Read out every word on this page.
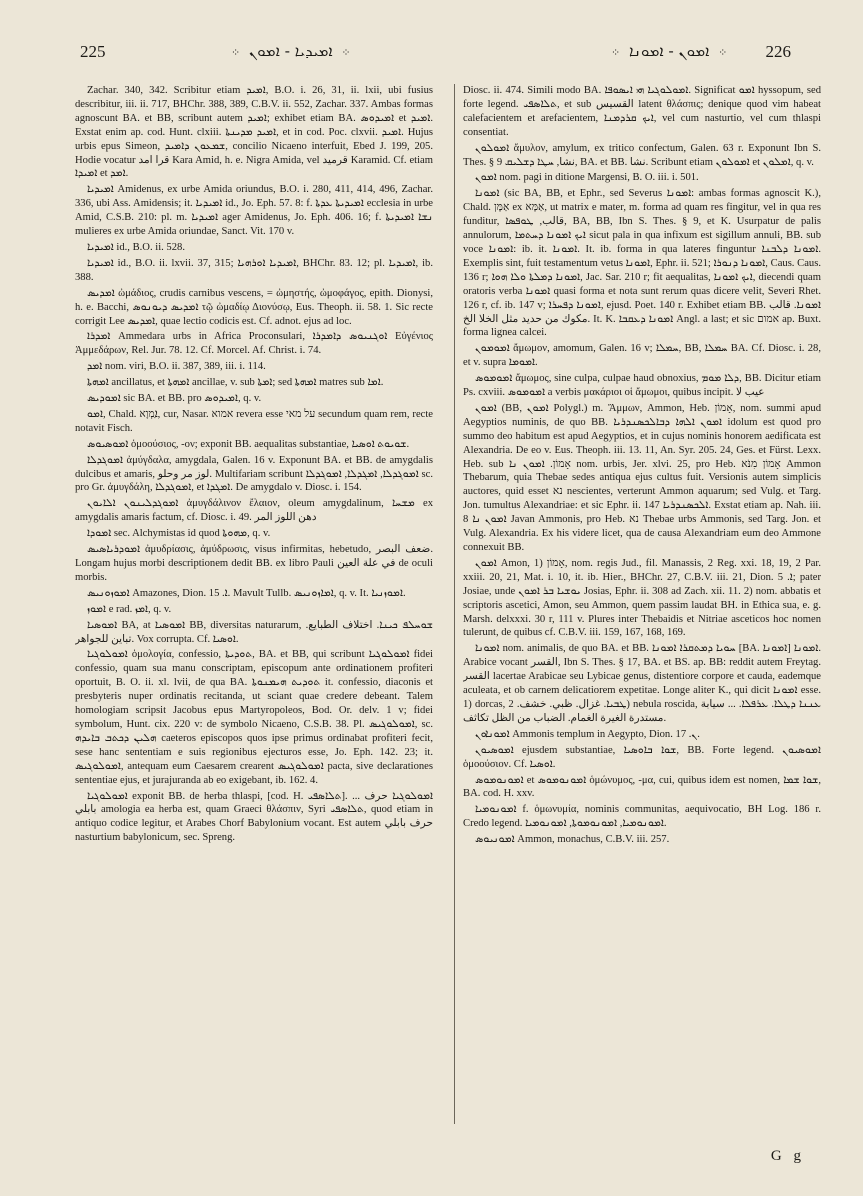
225	⁘ ܐܡܝܕܝܐ - ܐܡܘܢ ⁘	⁘ ܐܡܘܢ - ܐܡܘܢܐ ⁘ 226

Zachar. 340, 342. Scribitur etiam ܐܡܝܕ, B.O. i. 26, 31, ii. lxii, ubi fusius describitur, iii. ii. 717, BHChr. 388, 389, C.B.V. ii. 552, Zachar. 337. Ambas formas agnoscunt BA. et BB, scribunt autem ܐܡܝܕ; exhibet etiam BA. ܐܡܝܕܘܣ et ܐܡܝܕ. Exstat enim ap. cod. Hunt. clxiii. ܐܡܝܕ ܡܕܝܢܬܐ, et in cod. Poc. clxvii. ܐܡܝܕ. Hujus urbis epus Simeon, ܫܡܥܘܢ ܕܐܡܝܕ, concilio Nicaeno interfuit, Ebed J. 199, 205. Hodie vocatur قرا امد Kara Amid, h. e. Nigra Amida, vel قرميد Karamid. Cf. etiam ܐܡܝܕܐ et ܐܡܕ.

ܐܡܝܕܝܐ Amidenus, ex urbe Amida oriundus, B.O. i. 280, 411, 414, 496, Zachar. 336, ubi Ass. Amidensis; it. ܐܡܝܕܝܐ id., Jo. Eph. 57. 8: f. ܐܡܝܕܝܬܐ ܥܕܬܐ ecclesia in urbe Amid, C.S.B. 210: pl. m. ܐܡܝܕܝܐ ager Amidenus, Jo. Eph. 406. 16; f. ܢܫܐ ܐܡܝܕܝܬܐ mulieres ex urbe Amida oriundae, Sanct. Vit. 170 v.

ܐܡܝܕܝܐ id., B.O. ii. 528.

ܐܡܝܕܝܐ id., B.O. ii. lxvii. 37, 315; ܐܡܝܕܝܐ ܐܘܪܗܝܐ, BHChr. 83. 12; pl. ܐܡܝܕܝܐ, ib. 388.

ܐܡܕܝܣ ὠμάδιος, crudis carnibus vescens, = ὠμηστής, ὠμοφάγος, epith. Dionysi, h. e. Bacchi, ܐܡܕܝܣ ܕܝܘܢܘܣ τῷ ὠμαδίῳ Διονύσῳ, Eus. Theoph. ii. 58. 1. Sic recte corrigit Lee ܐܡܕܝܣ, quae lectio codicis est. Cf. adnot. ejus ad loc.

ܐܡܕܪܐ Ammedara urbs in Africa Proconsulari, ܐܘܓܢܝܘܣ ܕܐܡܕܪܐ Εὐγένιος Ἀμμεδάρων, Rel. Jur. 78. 12. Cf. Morcel. Af. Christ. i. 74.

ܐܡܕ nom. viri, B.O. ii. 387, 389, iii. i. 114.

ܐܡܗܬܐ ancillatus, et ܐܡܗܬܐ ancillae, v. sub ܐܡܬܐ; sed ܐܡܗܬܐ matres sub ܐܡܐ.

ܐܡܘܕܝܣ sic BA. et BB. pro ܐܡܝܕܘܣ, q. v.

ܐܡܘ, Chald. ܐַמְוָא, cur, Nasar. אמוא revera esse על מאי secundum quam rem, recte notavit Fisch.

ܐܡܘܣܝܘܣ ὁμοούσιος, -ον; exponit BB. aequalitas substantiae, ܫܘܝܘܬ ܐܘܣܝܐ.

ܐܡܘܓܕܠܐ ἀμύγδαλα, amygdala, Galen. 16 v. Exponunt BA. et BB. de amygdalis dulcibus et amaris, لوز مر وحلو. Multifariam scribunt ܐܡܘܓܕܠܐ, ܐܡܓܕܠܐ, ܐܡܘܓܕܠܐ sc. pro Gr. ἀμυγδάλη, ܐܡܘܓܕܠܐ, et ܐܡܓܕܐ. De amygdalo v. Diosc. i. 154.

ܐܡܘܓܕܠܝܢܘܢ ܐܠܐܝܘܢ ἀμυγδάλινον ἔλαιον, oleum amygdalinum, ܡܫܚܐ ex amygdalis amaris factum, cf. Diosc. i. 49. دهن اللوز المر

ܐܡܘܕܐ sec. Alchymistas id quod ܡܗܘܬܐ, q. v.

ܐܡܘܕܪܝܐܣܝܣ ἀμυδρίασις, ἀμύδρωσις, visus infirmitas, hebetudo, ضعف البصر. Longam hujus morbi descriptionem dedit BB. ex libro Pauli في علة العين de oculi morbis.

ܐܡܘܙܘܢܝܣ Amazones, Dion. ܐ. 15. Mavult Tullb. ܐܡܐܙܘܢܝܣ, q. v. It. ܐܡܘܙܢܝܐ.

ܐܡܘܙ e rad. ܐܡܙ, q. v.

ܐܡܘܣܝܐ BA, at ܐܡܘܣܝܐ BB, diversitas naturarum, ܫܘܚܠܦ ܟܝܢܐ. اختلاف الطبايع. تباين للجواهر. Vox corrupta. Cf. ܐܘܣܝܐ.

ܐܡܘܠܘܓܝܐ ὁμολογία, confessio, ܬܘܕܝܬܐ, BA. et BB, qui scribunt ܐܡܘܠܘܓܝܐ fidei confessio, quam sua manu conscriptam, episcopum ante ordinationem profiteri oportuit, B. O. ii. xl. lvii, de qua BA. ܬܘܕܝܬ ܗܝܡܢܘܬܐ it. confessio, diaconis et presbyteris nuper ordinatis recitanda, ut sciant quae credere debeant. Talem homologiam scripsit Jacobus epus Martyropoleos, Bod. Or. delv. 1 v; fidei symbolum, Hunt. cix. 220 v: de symbolo Nicaeno, C.S.B. 38. Pl. ܐܡܘܠܘܓܝܣ, sc. ܗܠܝܢ ܕܟܬܒ ܒܐܝܕܗ caeteros episcopos quos ipse primus ordinabat profiteri fecit, sese hanc sententiam e suis regionibus ejecturos esse, Jo. Eph. 142. 23; it. ܐܡܘܠܘܓܝܣ, antequam eum Caesarem crearent ܐܡܘܠܘܓܝܣ pacta, sive declarationes sententiae ejus, et jurajuranda ab eo exigebant, ib. 162. 4.

ܐܡܘܠܘܓܝܐ exponit BB. de herba thlaspi, [cod. H. ܬܠܐܣܦܝ]. ... ܐܡܘܠܘܓܝܐ حرف بابلي amologia ea herba est, quam Graeci θλάσπιν, Syri ܬܠܐܣܦܝ, quod etiam in antiquo codice legitur, et Arabes Chorf Babylonium vocant. Est autem حرف بابلي nasturtium babylonicum, sec. Spreng.

Diosc. ii. 474. Simili modo BA. ܐܡܘܠܘܓܝܐ ܗܝ ܐܝܣܘܦܐ. Significat ܐܡܘ hyssopum, sed forte legend. ܬܠܐܣܦܝ, et sub القسيس latent θλάσπις; denique quod vim habeat calefacientem et arefacientem, ܐܝܟ ܩܪܕܡܢܐ, vel cum nasturtio, vel cum thlaspi consentiat.

ܐܡܘܠܘܢ ἄμυλον, amylum, ex tritico confectum, Galen. 63 r. Exponunt Ibn S. Thes. § 9 نشا, ܚܛܐ ܕܫܠܝܩ, BA. et BB. نشا. Scribunt etiam ܐܡܘܠܘܢ et ܐܡܠܘܢ, q. v.

ܐܡܘܢ nom. pagi in ditione Margensi, B. O. iii. i. 501.

ܐܡܘܢܐ (sic BA, BB, et Ephr., sed Severus ܐܡܘܢܐ: ambas formas agnoscit K.), Chald. אַמָּן ex אַמָּא, ut matrix e mater, m. forma ad quam res fingitur, vel in qua res funditur, قالب, ܛܘܦܣܐ, BA, BB, Ibn S. Thes. § 9, et K. Usurpatur de palis annulorum, ܐܝܟ ܐܡܘܢܐ ܕܚܬܡܐ sicut pala in qua infixum est sigillum annuli, BB. sub voce ܐܡܘܢܐ: ib. it. ܐܡܘܢܐ. It. ib. forma in qua lateres finguntur ܐܡܘܢܐ ܕܠܒܢܐ. Exemplis sint, fuit testamentum vetus ܐܡܘܢܐ, Ephr. ii. 521; ܐܡܘܢܐ ܕܢܘܪܐ, Caus. Caus. 136 r; ܐܡܘܢܐ ܕܡܠܬܐ ܘܠܐ ܗܘܐ, Jac. Sar. 210 r; fit aequalitas, ܐܝܟ ܐܡܘܢܐ, diecendi quam oratoris verba ܐܡܘܢܐ quasi forma et nota sunt rerum quas dicere velit, Severi Rhet. 126 r, cf. ib. 147 v; ܐܡܘܢܐ ܕܦܚܪܐ, ejusd. Poet. 140 r. Exhibet etiam BB. ܐܡܘܢܐ. قالب مكوك من حديد مثل الخلا الخ. It. K. ܐܡܘܢܐ ܕܥܩܒܐ Angl. a last; et sic אמום ap. Buxt. forma lignea calcei.

ܐܡܘܡܘܢ ἄμωμον, amomum, Galen. 16 v; ܚܡܠܐ, BB, ܚܡܠܐ BA. Cf. Diosc. i. 28, et v. supra ܐܡܘܡܐ.

ܐܡܘܡܘܣ ἄμωμος, sine culpa, culpae haud obnoxius, ܕܠܐ ܡܘܡ, BB. Dicitur etiam Ps. cxviii. ܐܡܘܡܘܣ a verbis μακάριοι οἱ ἄμωμοι, quibus incipit. عيب لا

ܐܡܘܢ (BB, ܐܡܘܢ Polygl.) m. Ἄμμων, Ammon, Heb. אָמוֹן, nom. summi apud Aegyptios numinis, de quo BB. ܐܡܘܢ ܐܠܗܐ ܕܒܐܠܟܣܢܕܪܝܐ idolum est quod pro summo deo habitum est apud Aegyptios, et in cujus nominis honorem aedificata est Alexandria. De eo v. Eus. Theoph. iii. 13. 11, An. Syr. 205. 24, Ges. et Fürst. Lexx. Heb. sub אָמוֹן. ܐܡܘܢ ܢܐ nom. urbis, Jer. xlvi. 25, pro Heb. אָמוֹן מִנֹּא Ammon Thebarum, quia Thebae sedes antiqua ejus cultus fuit. Versionis autem simplicis auctores, quid esset נא nescientes, verterunt Ammon aquarum; sed Vulg. et Targ. Jon. tumultus Alexandriae: et sic Ephr. ii. 147 ܐܠܟܣܢܕܪܝܐ. Exstat etiam ap. Nah. iii. 8 ܐܡܘܢ ܢܐ Javan Ammonis, pro Heb. נא Thebae urbs Ammonis, sed Targ. Jon. et Vulg. Alexandria. Ex his videre licet, qua de causa Alexandriam eum deo Ammone connexuit BB.

ܐܡܘܢ Amon, 1) אָמוֹן, nom. regis Jud., fil. Manassis, 2 Reg. xxi. 18, 19, 2 Par. xxiii. 20, 21, Mat. i. 10, it. ib. Hier., BHChr. 27, C.B.V. iii. 21, Dion. ܐ. 5; pater Josiae, unde ܝܘܫܝܐ ܒܪ ܐܡܘܢ Josias, Ephr. ii. 308 ad Zach. xii. 11. 2) nom. abbatis et scriptoris ascetici, Amon, seu Ammon, quem passim laudat BH. in Ethica sua, e. g. Marsh. delxxxi. 30 r, 111 v. Plures inter Thebaidis et Nitriae asceticos hoc nomen tulerunt, de quibus cf. C.B.V. iii. 159, 167, 168, 169.

ܐܡܘܢܐ nom. animalis, de quo BA. et BB. ܚܘܝܐ ܕܡܬܩܪܐ ܐܡܘܢܐ [BA. ܐܡܘܢܐ] ܐܡܘܢܐ. Arabice vocant القسر, Ibn S. Thes. § 17, BA. et BS. ap. BB: reddit autem Freytag. القسر lacertae Arabicae seu Lybicae genus, distentiore corpore et cauda, eademque aculeata, et ob carnem delicatiorem expetitae. Longe aliter K., qui dicit ܐܡܘܢܐ esse. 1) dorcas, ܛܒܝܐ. غزال. ظبي. خشف. 2) nebula roscida, ܥܢܢܐ ܕܛܠܐ. ܥܪܦܠܐ. ... سيابة مستدرة الغيرة الغمام. الضباب من الظل تكاثف.

ܐܡܘܢܐܘܢ Ammonis templum in Aegypto, Dion. ܢ. 17.

ܐܡܘܣܝܘܢ ejusdem substantiae, ܫܘܐ ܒܐܘܣܝܐ, BB. Forte legend. ܐܡܘܣܝܘܢ ὁμοούσιον. Cf. ܐܘܣܝܐ.

ܐܡܘܢܘܡܘܣ et ܐܡܘܢܘܡܘܣ ὁμώνυμος, -μα, cui, quibus idem est nomen, ܫܘܐ ܫܡܐ, BA. cod. H. xxv.

ܐܡܘܢܘܡܝܐ f. ὁμωνυμία, nominis communitas, aequivocatio, BH Log. 186 r. Credo legend. ܐܡܘܢܘܡܝܐ, ܐܡܘܢܘܡܘܬܐ, ܐܡܘܢܘܡܝܐ.

ܐܡܘܢܝܘܣ Ammon, monachus, C.B.V. iii. 257.

G g
